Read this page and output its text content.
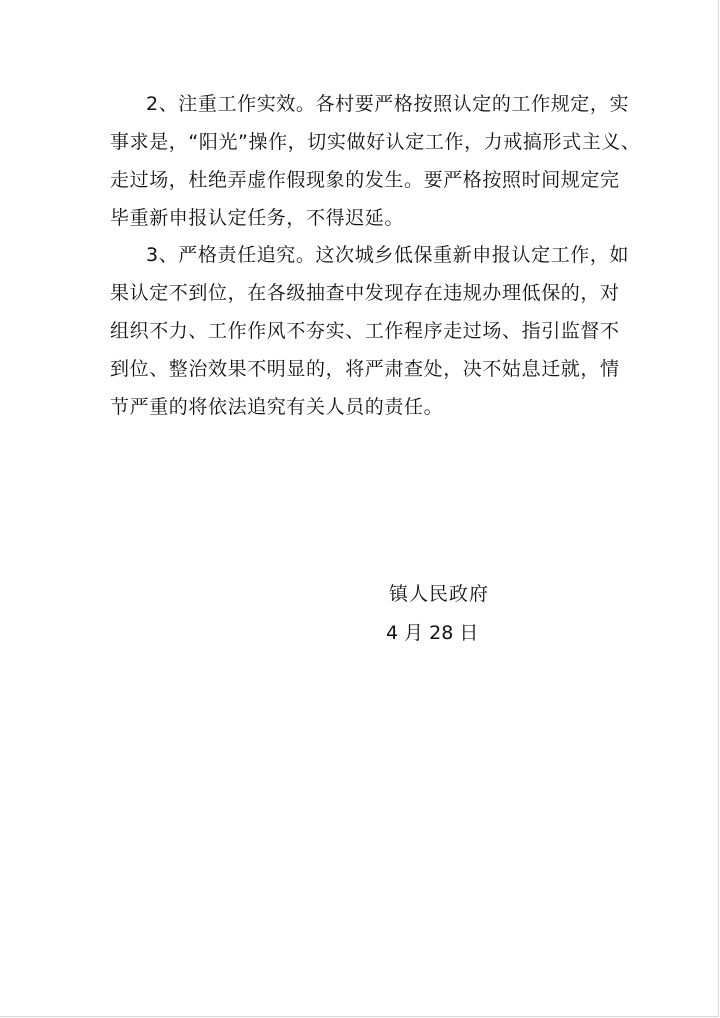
2、注重工作实效。各村要严格按照认定的工作规定，实
事求是，“阳光”操作，切实做好认定工作，力戒搞形式主义、
走过场，杜绝弄虚作假现象的发生。要严格按照时间规定完
毕重新申报认定任务，不得迟延。
3、严格责任追究。这次城乡低保重新申报认定工作，如
果认定不到位，在各级抽查中发现存在违规办理低保的，对
组织不力、工作作风不夯实、工作程序走过场、指引监督不
到位、整治效果不明显的，将严肃查处，决不姑息迁就，情
节严重的将依法追究有关人员的责任。
镇人民政府
4 月 28 日
